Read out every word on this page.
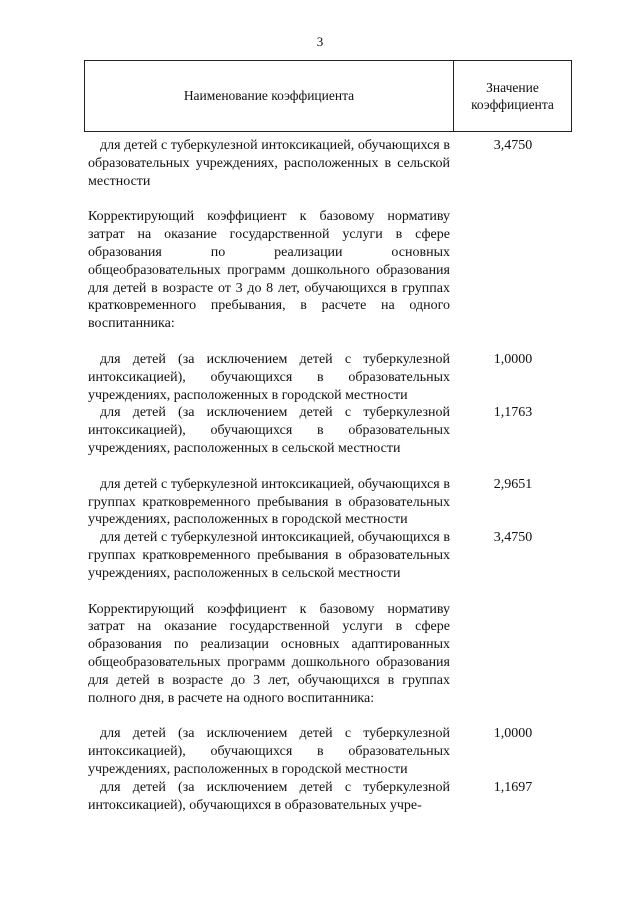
3
Наименование коэффициента
Значение
коэффициента
для детей с туберкулезной интоксикацией, обучающихся в образовательных учреждениях, расположенных в сельской местности
3,4750
Корректирующий коэффициент к базовому нормативу затрат на оказание государственной услуги в сфере образования по реализации основных общеобразовательных программ дошкольного образования для детей в возрасте от 3 до 8 лет, обучающихся в группах кратковременного пребывания, в расчете на одного воспитанника:
для детей (за исключением детей с туберкулезной интоксикацией), обучающихся в образовательных учреждениях, расположенных в городской местности
1,0000
для детей (за исключением детей с туберкулезной интоксикацией), обучающихся в образовательных учреждениях, расположенных в сельской местности
1,1763
для детей с туберкулезной интоксикацией, обучающихся в группах кратковременного пребывания в образовательных учреждениях, расположенных в городской местности
2,9651
для детей с туберкулезной интоксикацией, обучающихся в группах кратковременного пребывания в образовательных учреждениях, расположенных в сельской местности
3,4750
Корректирующий коэффициент к базовому нормативу затрат на оказание государственной услуги в сфере образования по реализации основных адаптированных общеобразовательных программ дошкольного образования для детей в возрасте до 3 лет, обучающихся в группах полного дня, в расчете на одного воспитанника:
для детей (за исключением детей с туберкулезной интоксикацией), обучающихся в образовательных учреждениях, расположенных в городской местности
1,0000
для детей (за исключением детей с туберкулезной интоксикацией), обучающихся в образовательных учре-
1,1697
